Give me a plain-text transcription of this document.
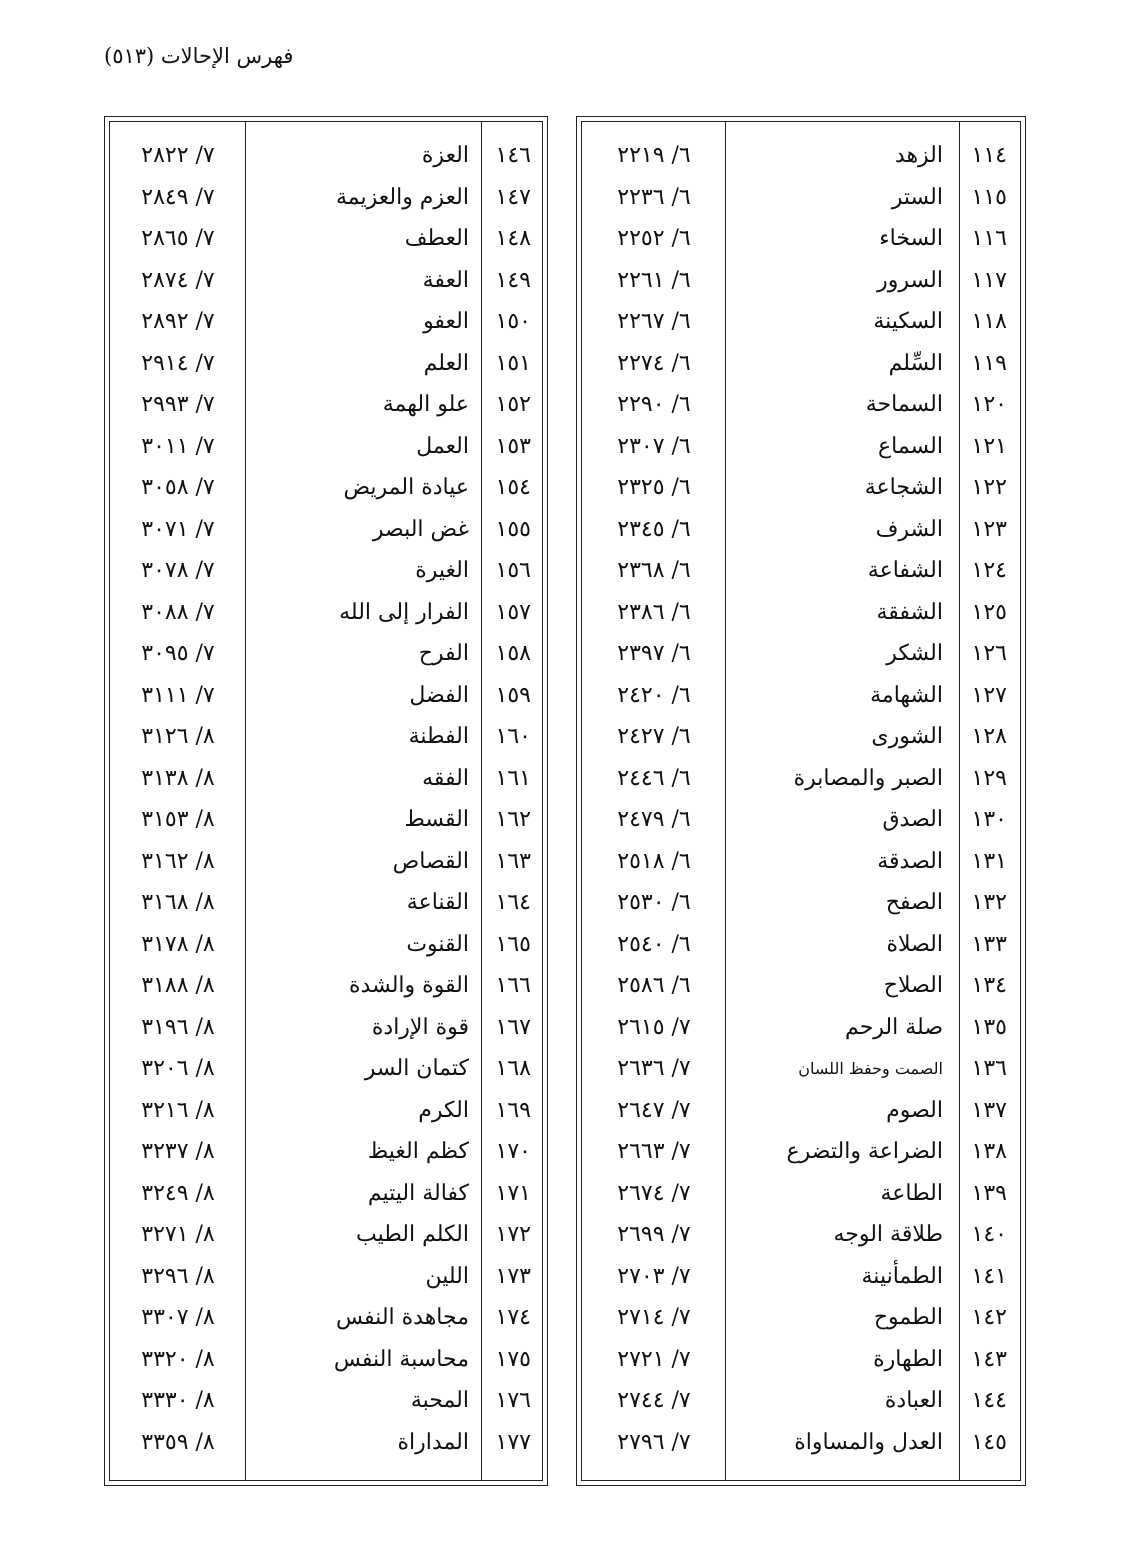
فهرس الإحالات (٥١٣)
١١٤
الزهد
٦/ ٢٢١٩
١١٥
الستر
٦/ ٢٢٣٦
١١٦
السخاء
٦/ ٢٢٥٢
١١٧
السرور
٦/ ٢٢٦١
١١٨
السكينة
٦/ ٢٢٦٧
١١٩
السِّلم
٦/ ٢٢٧٤
١٢٠
السماحة
٦/ ٢٢٩٠
١٢١
السماع
٦/ ٢٣٠٧
١٢٢
الشجاعة
٦/ ٢٣٢٥
١٢٣
الشرف
٦/ ٢٣٤٥
١٢٤
الشفاعة
٦/ ٢٣٦٨
١٢٥
الشفقة
٦/ ٢٣٨٦
١٢٦
الشكر
٦/ ٢٣٩٧
١٢٧
الشهامة
٦/ ٢٤٢٠
١٢٨
الشورى
٦/ ٢٤٢٧
١٢٩
الصبر والمصابرة
٦/ ٢٤٤٦
١٣٠
الصدق
٦/ ٢٤٧٩
١٣١
الصدقة
٦/ ٢٥١٨
١٣٢
الصفح
٦/ ٢٥٣٠
١٣٣
الصلاة
٦/ ٢٥٤٠
١٣٤
الصلاح
٦/ ٢٥٨٦
١٣٥
صلة الرحم
٧/ ٢٦١٥
١٣٦
الصمت وحفظ اللسان
٧/ ٢٦٣٦
١٣٧
الصوم
٧/ ٢٦٤٧
١٣٨
الضراعة والتضرع
٧/ ٢٦٦٣
١٣٩
الطاعة
٧/ ٢٦٧٤
١٤٠
طلاقة الوجه
٧/ ٢٦٩٩
١٤١
الطمأنينة
٧/ ٢٧٠٣
١٤٢
الطموح
٧/ ٢٧١٤
١٤٣
الطهارة
٧/ ٢٧٢١
١٤٤
العبادة
٧/ ٢٧٤٤
١٤٥
العدل والمساواة
٧/ ٢٧٩٦
١٤٦
العزة
٧/ ٢٨٢٢
١٤٧
العزم والعزيمة
٧/ ٢٨٤٩
١٤٨
العطف
٧/ ٢٨٦٥
١٤٩
العفة
٧/ ٢٨٧٤
١٥٠
العفو
٧/ ٢٨٩٢
١٥١
العلم
٧/ ٢٩١٤
١٥٢
علو الهمة
٧/ ٢٩٩٣
١٥٣
العمل
٧/ ٣٠١١
١٥٤
عيادة المريض
٧/ ٣٠٥٨
١٥٥
غض البصر
٧/ ٣٠٧١
١٥٦
الغيرة
٧/ ٣٠٧٨
١٥٧
الفرار إلى الله
٧/ ٣٠٨٨
١٥٨
الفرح
٧/ ٣٠٩٥
١٥٩
الفضل
٧/ ٣١١١
١٦٠
الفطنة
٨/ ٣١٢٦
١٦١
الفقه
٨/ ٣١٣٨
١٦٢
القسط
٨/ ٣١٥٣
١٦٣
القصاص
٨/ ٣١٦٢
١٦٤
القناعة
٨/ ٣١٦٨
١٦٥
القنوت
٨/ ٣١٧٨
١٦٦
القوة والشدة
٨/ ٣١٨٨
١٦٧
قوة الإرادة
٨/ ٣١٩٦
١٦٨
كتمان السر
٨/ ٣٢٠٦
١٦٩
الكرم
٨/ ٣٢١٦
١٧٠
كظم الغيظ
٨/ ٣٢٣٧
١٧١
كفالة اليتيم
٨/ ٣٢٤٩
١٧٢
الكلم الطيب
٨/ ٣٢٧١
١٧٣
اللين
٨/ ٣٢٩٦
١٧٤
مجاهدة النفس
٨/ ٣٣٠٧
١٧٥
محاسبة النفس
٨/ ٣٣٢٠
١٧٦
المحبة
٨/ ٣٣٣٠
١٧٧
المداراة
٨/ ٣٣٥٩
